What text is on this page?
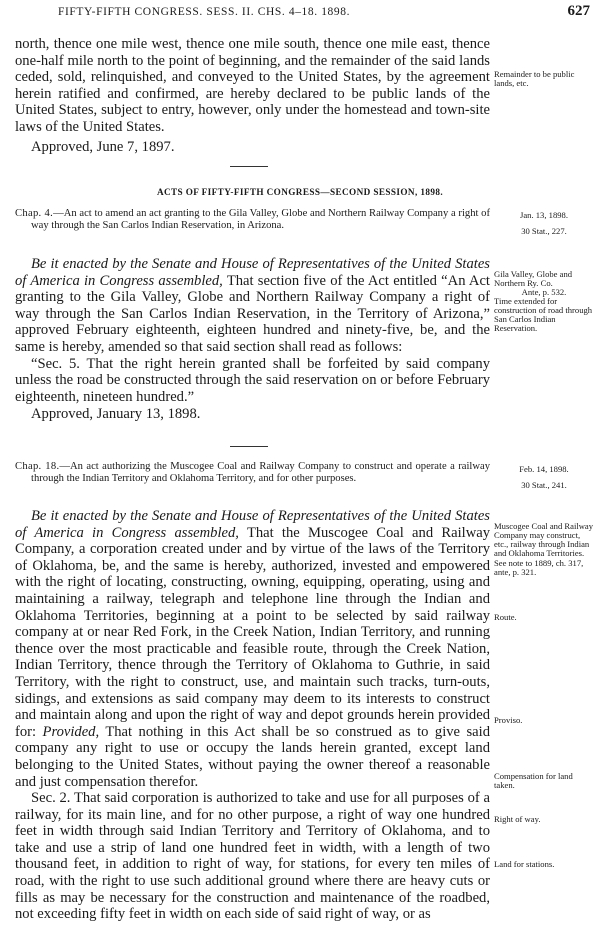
FIFTY-FIFTH CONGRESS. SESS. II. CHS. 4–18. 1898.	627

north, thence one mile west, thence one mile south, thence one mile east, thence one-half mile north to the point of beginning, and the remainder of the said lands ceded, sold, relinquished, and conveyed to the United States, by the agreement herein ratified and confirmed, are hereby declared to be public lands of the United States, subject to entry, however, only under the homestead and town-site laws of the United States.

Approved, June 7, 1897.

Remainder to be public lands, etc.

ACTS OF FIFTY-FIFTH CONGRESS—SECOND SESSION, 1898.

Chap. 4.—An act to amend an act granting to the Gila Valley, Globe and Northern Railway Company a right of way through the San Carlos Indian Reservation, in Arizona.

Jan. 13, 1898.

30 Stat., 227.

Be it enacted by the Senate and House of Representatives of the United States of America in Congress assembled, That section five of the Act entitled “An Act granting to the Gila Valley, Globe and Northern Railway Company a right of way through the San Carlos Indian Reservation, in the Territory of Arizona,” approved February eighteenth, eighteen hundred and ninety-five, be, and the same is hereby, amended so that said section shall read as follows:

“Sec. 5. That the right herein granted shall be forfeited by said company unless the road be constructed through the said reservation on or before February eighteenth, nineteen hundred.”

Approved, January 13, 1898.

Gila Valley, Globe and Northern Ry. Co.

Ante, p. 532.

Time extended for construction of road through San Carlos Indian Reservation.

Chap. 18.—An act authorizing the Muscogee Coal and Railway Company to construct and operate a railway through the Indian Territory and Oklahoma Territory, and for other purposes.

Feb. 14, 1898.

30 Stat., 241.

Be it enacted by the Senate and House of Representatives of the United States of America in Congress assembled, That the Muscogee Coal and Railway Company, a corporation created under and by virtue of the laws of the Territory of Oklahoma, be, and the same is hereby, authorized, invested and empowered with the right of locating, constructing, owning, equipping, operating, using and maintaining a railway, telegraph and telephone line through the Indian and Oklahoma Territories, beginning at a point to be selected by said railway company at or near Red Fork, in the Creek Nation, Indian Territory, and running thence over the most practicable and feasible route, through the Creek Nation, Indian Territory, thence through the Territory of Oklahoma to Guthrie, in said Territory, with the right to construct, use, and maintain such tracks, turn-outs, sidings, and extensions as said company may deem to its interests to construct and maintain along and upon the right of way and depot grounds herein provided for: Provided, That nothing in this Act shall be so construed as to give said company any right to use or occupy the lands herein granted, except land belonging to the United States, without paying the owner thereof a reasonable and just compensation therefor.

Sec. 2. That said corporation is authorized to take and use for all purposes of a railway, for its main line, and for no other purpose, a right of way one hundred feet in width through said Indian Territory and Territory of Oklahoma, and to take and use a strip of land one hundred feet in width, with a length of two thousand feet, in addition to right of way, for stations, for every ten miles of road, with the right to use such additional ground where there are heavy cuts or fills as may be necessary for the construction and maintenance of the roadbed, not exceeding fifty feet in width on each side of said right of way, or as

Muscogee Coal and Railway Company may construct, etc., railway through Indian and Oklahoma Territories.

See note to 1889, ch. 317, ante, p. 321.

Route.

Proviso.

Compensation for land taken.

Right of way.

Land for stations.
